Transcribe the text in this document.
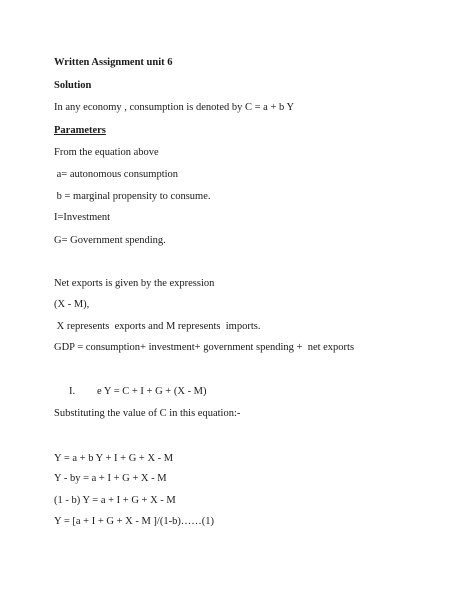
Written Assignment unit 6
Solution
In any economy , consumption is denoted by C = a + b Y
Parameters
From the equation above
a= autonomous consumption
b = marginal propensity to consume.
I=Investment
G= Government spending.
Net exports is given by the expression
(X - M),
X represents  exports and M represents  imports.
GDP = consumption+ investment+ government spending +  net exports
I. e Y = C + I + G + (X - M)
Substituting the value of C in this equation:-
Y = a + b Y + I + G + X - M
Y - by = a + I + G + X - M
(1 - b) Y = a + I + G + X - M
Y = [a + I + G + X - M ]/(1-b)……(1)
